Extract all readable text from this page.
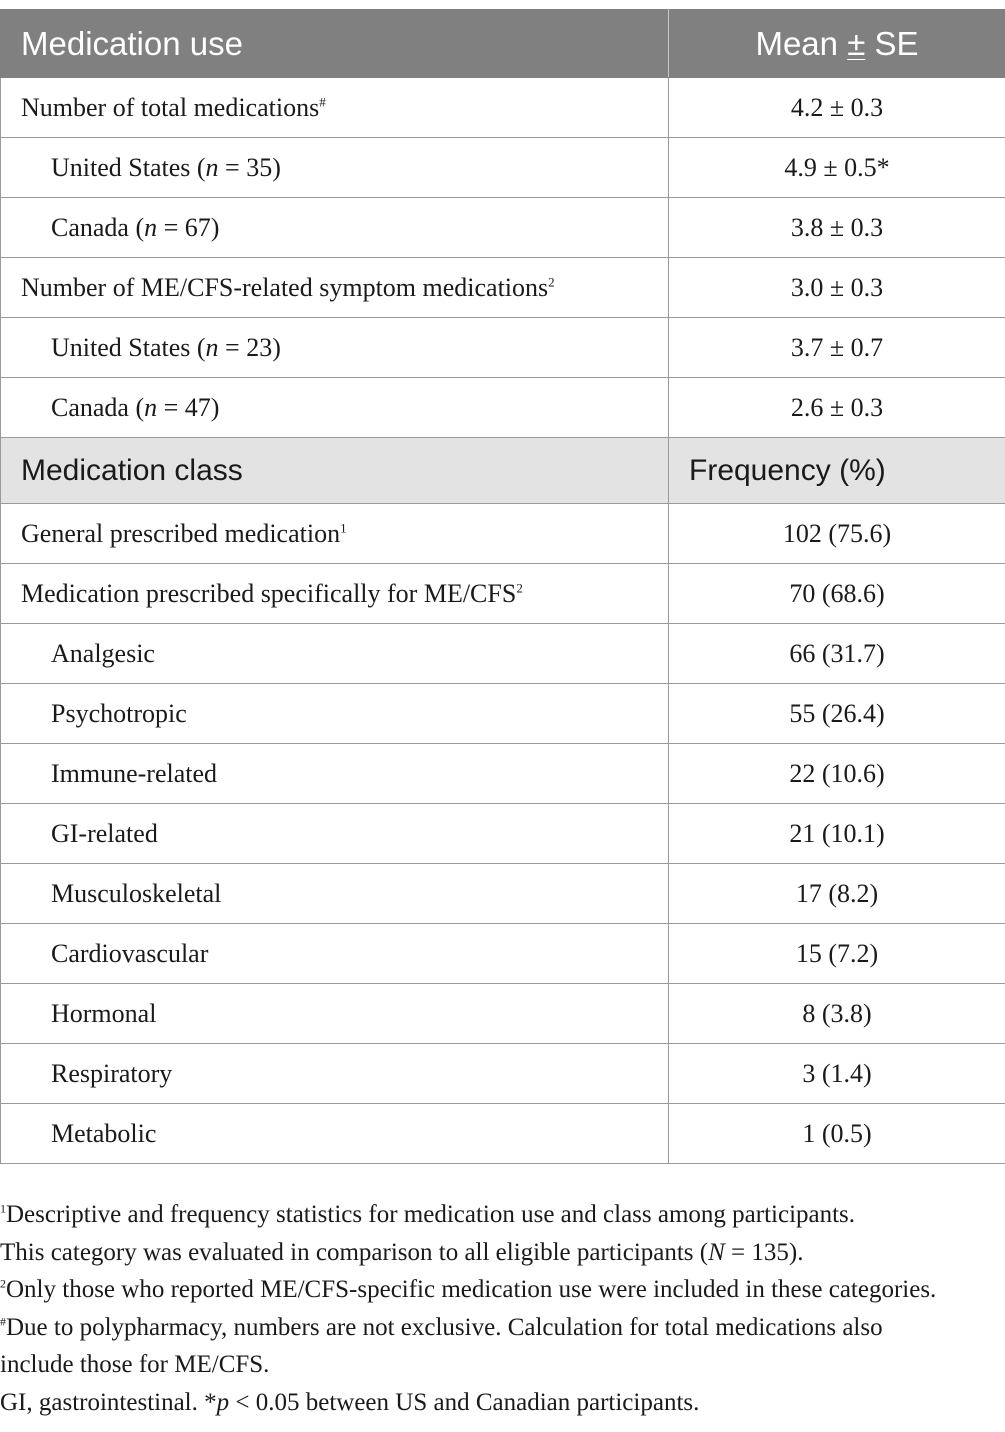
Medication use	Mean ± SE
Number of total medications#	4.2 ± 0.3
United States (n = 35)	4.9 ± 0.5*
Canada (n = 67)	3.8 ± 0.3
Number of ME/CFS-related symptom medications$^2$	3.0 ± 0.3
United States (n = 23)	3.7 ± 0.7
Canada (n = 47)	2.6 ± 0.3
Medication class	Frequency (%)
General prescribed medication$^1$	102 (75.6)
Medication prescribed specifically for ME/CFS$^2$	70 (68.6)
Analgesic	66 (31.7)
Psychotropic	55 (26.4)
Immune-related	22 (10.6)
GI-related	21 (10.1)
Musculoskeletal	17 (8.2)
Cardiovascular	15 (7.2)
Hormonal	8 (3.8)
Respiratory	3 (1.4)
Metabolic	1 (0.5)

$^1$Descriptive and frequency statistics for medication use and class among participants.

This category was evaluated in comparison to all eligible participants (N = 135).

$^2$Only those who reported ME/CFS-specific medication use were included in these categories.

#Due to polypharmacy, numbers are not exclusive. Calculation for total medications also

include those for ME/CFS.

GI, gastrointestinal. *p < 0.05 between US and Canadian participants.
